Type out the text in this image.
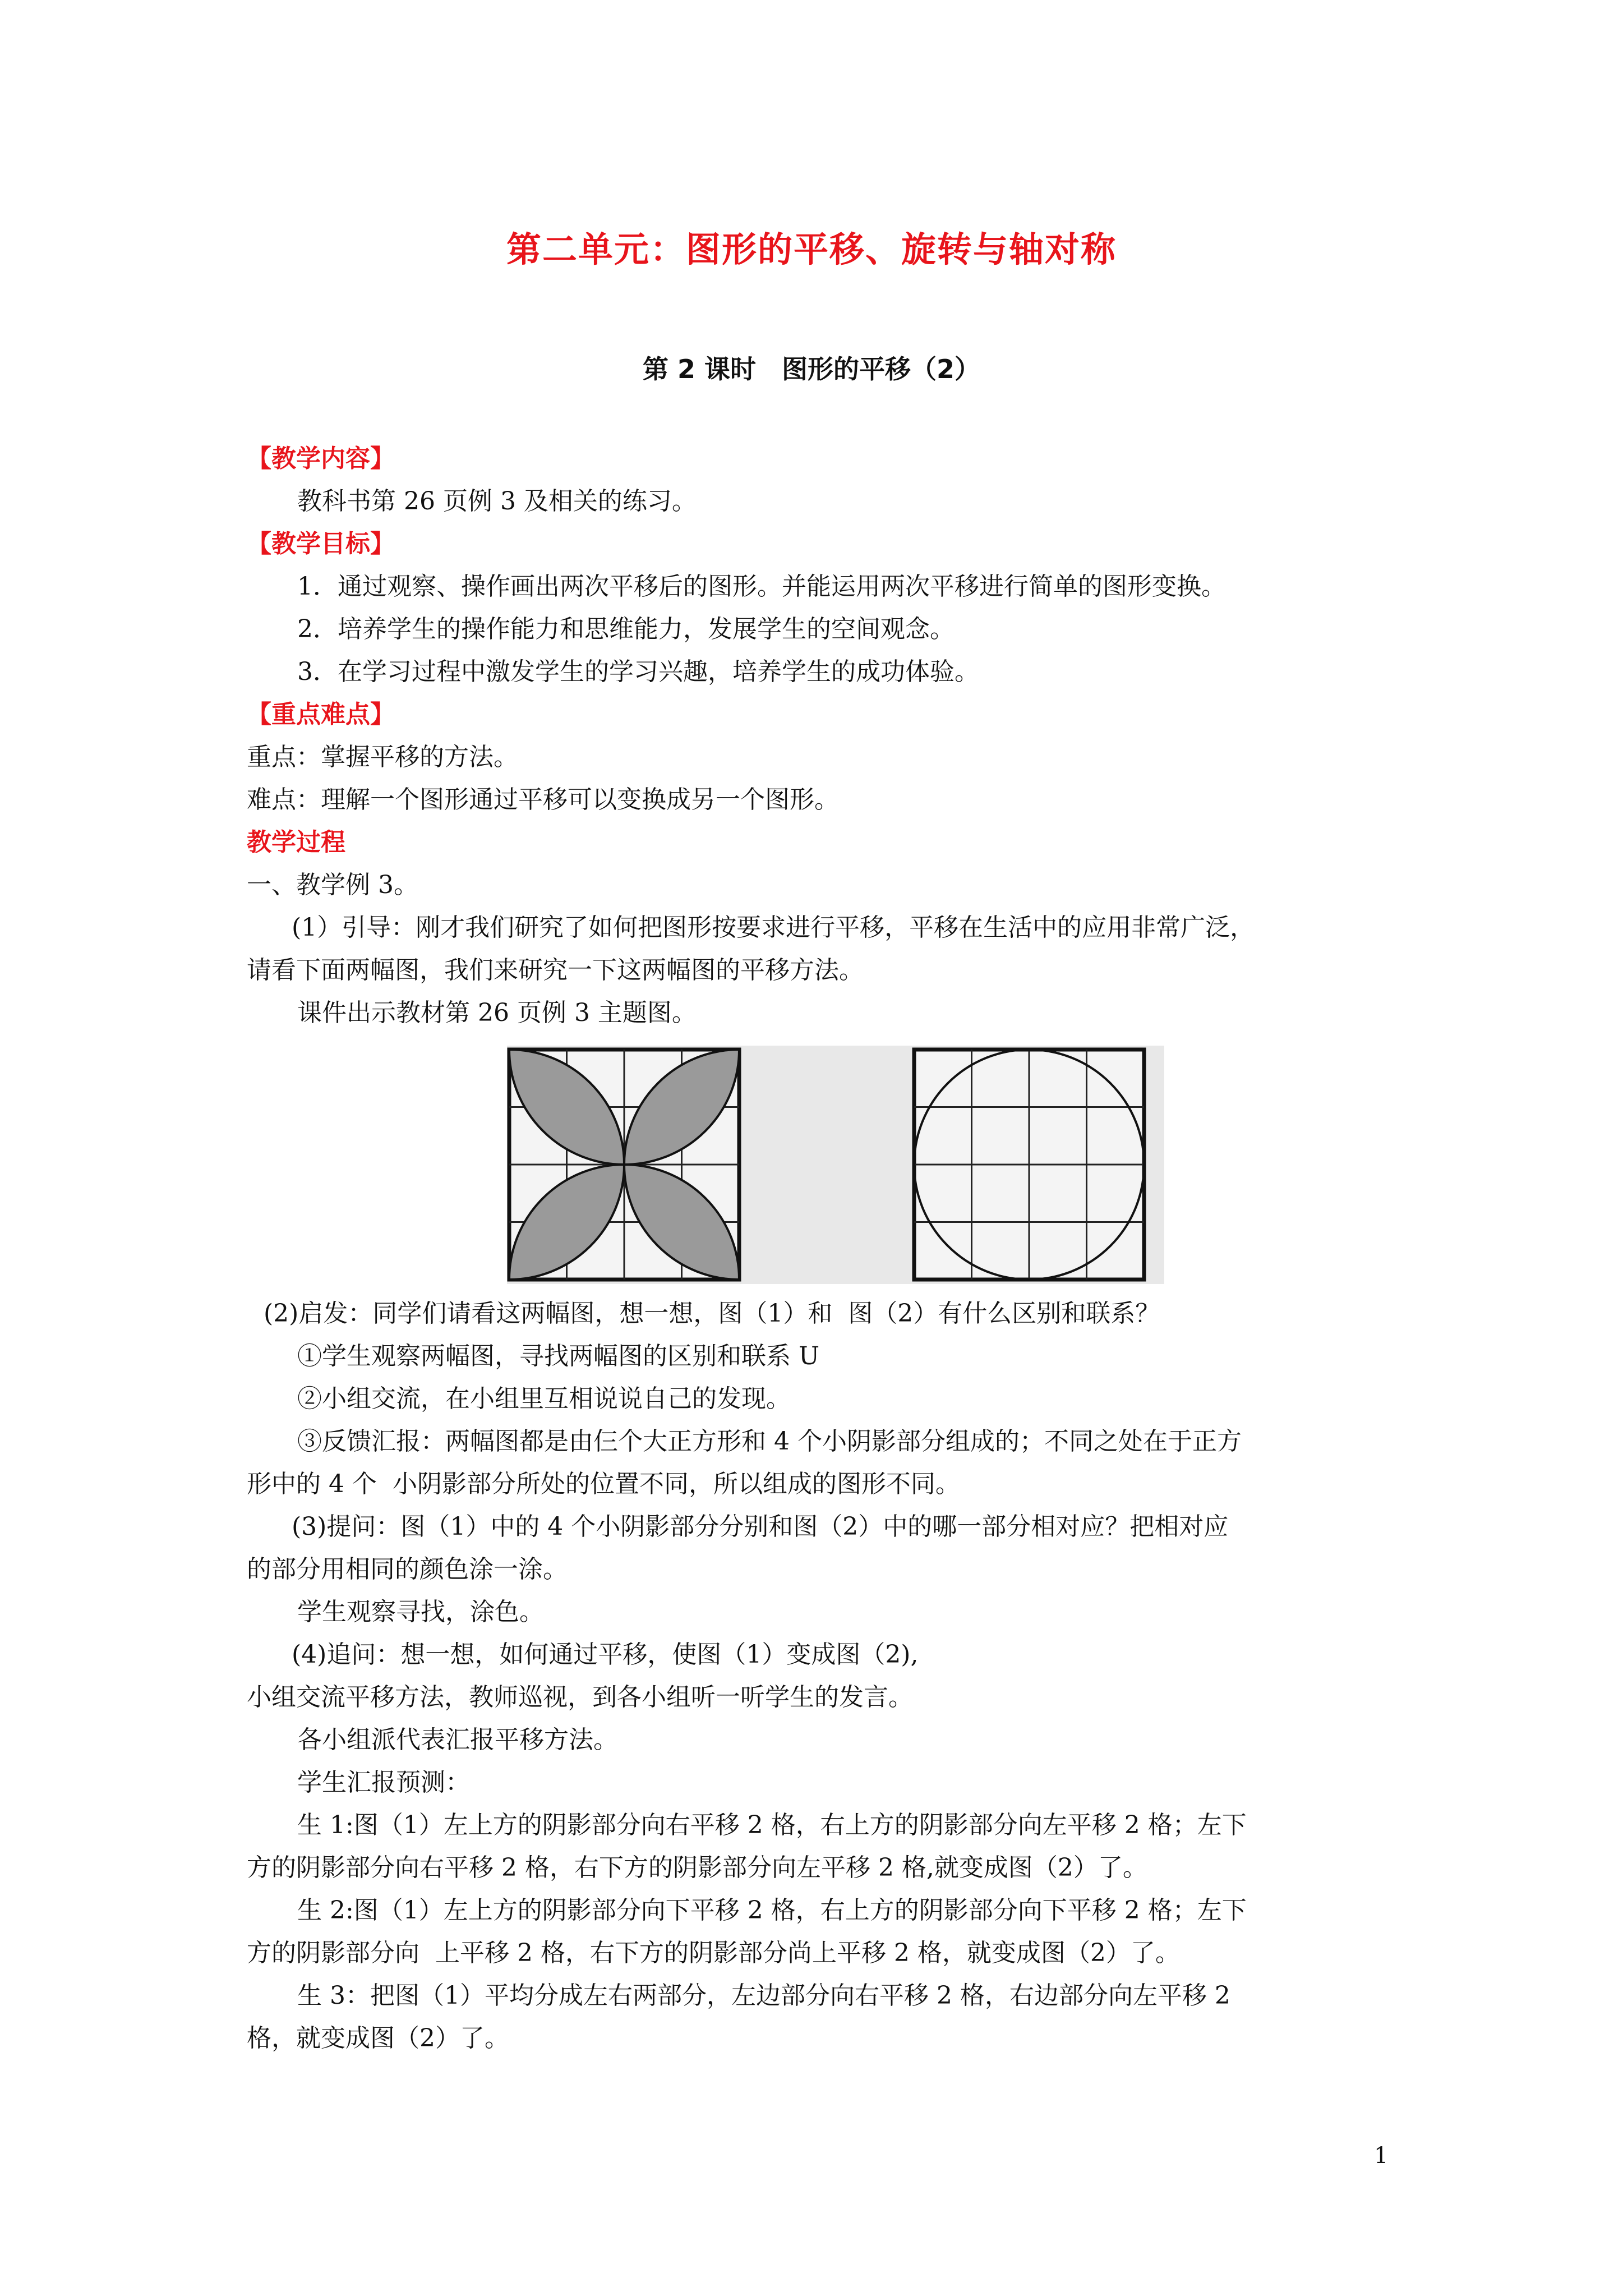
第二单元：图形的平移、旋转与轴对称
第 2 课时　图形的平移（2）
【教学内容】
教科书第 26 页例 3 及相关的练习。
【教学目标】
1．通过观察、操作画出两次平移后的图形。并能运用两次平移进行简单的图形变换。
2．培养学生的操作能力和思维能力，发展学生的空间观念。
3．在学习过程中激发学生的学习兴趣，培养学生的成功体验。
【重点难点】
重点：掌握平移的方法。
难点：理解一个图形通过平移可以变换成另一个图形。
教学过程
一、教学例 3。
(1）引导：刚才我们研究了如何把图形按要求进行平移，平移在生活中的应用非常广泛，
请看下面两幅图，我们来研究一下这两幅图的平移方法。
课件出示教材第 26 页例 3 主题图。
(2)启发：同学们请看这两幅图，想一想，图（1）和  图（2）有什么区别和联系？
①学生观察两幅图，寻找两幅图的区别和联系 U
②小组交流，在小组里互相说说自己的发现。
③反馈汇报：两幅图都是由仨个大正方形和 4 个小阴影部分组成的；不同之处在于正方
形中的 4 个  小阴影部分所处的位置不同，所以组成的图形不同。
(3)提问：图（1）中的 4 个小阴影部分分别和图（2）中的哪一部分相对应？把相对应
的部分用相同的颜色涂一涂。
学生观察寻找，涂色。
(4)追问：想一想，如何通过平移，使图（1）变成图（2),
小组交流平移方法，教师巡视，到各小组听一听学生的发言。
各小组派代表汇报平移方法。
学生汇报预测：
生 1:图（1）左上方的阴影部分向右平移 2 格，右上方的阴影部分向左平移 2 格；左下
方的阴影部分向右平移 2 格，右下方的阴影部分向左平移 2 格,就变成图（2）了。
生 2:图（1）左上方的阴影部分向下平移 2 格，右上方的阴影部分向下平移 2 格；左下
方的阴影部分向  上平移 2 格，右下方的阴影部分尚上平移 2 格，就变成图（2）了。
生 3：把图（1）平均分成左右两部分，左边部分向右平移 2 格，右边部分向左平移 2
格，就变成图（2）了。
1
